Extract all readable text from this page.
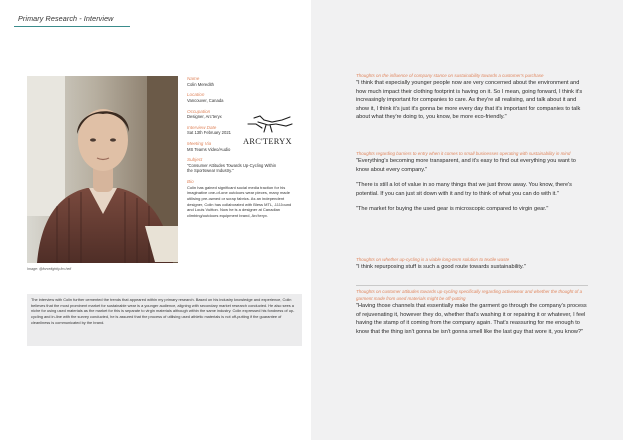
Primary Research - Interview
Image: @forcelightly.fm.heli
Name
Colin Meredith
Location
Vancouver, Canada
Occupation
Designer, Arc'teryx
Interview Date
Sat 13th February 2021
Meeting Via
MS Teams Video/Audio
Subject
"Consumer Attitudes Towards Up-Cycling Within the Sportswear Industry."
Bio
Colin has gained significant social media traction for his imaginative one-of-one outdoors wear pieces, many made utilising pre-owned or scrap fabrics. As an independent designer, Colin has collaborated with Bless MTL, JJJJound and Louis Vuitton. Now he is a designer at Canadian climbing/outdoors equipment brand, Arc'teryx.
ARC'TERYX
The interview with Colin further cemented the trends that appeared within my primary research. Based on his industry knowledge and experience, Colin believes that the most prominent market for sustainable wear is a younger audience, aligning with secondary market research conducted. He also sees a niche for using used materials as the market for this is separate to virgin materials although within the same industry. Colin expressed his fondness of up-cycling and in-line with the survey conducted, he is assured that the process of utilising used athletic materials is not off-putting if the guarantee of cleanliness is communicated by the brand.
Thoughts on the influence of company stance on sustainability towards a customer's purchase
"I think that especially younger people now are very concerned about the environment and how much impact their clothing footprint is having on it. So I mean, going forward, I think it's increasingly important for companies to care. As they're all realising, and talk about it and show it, I think it's just it's gonna be more every day that it's important for companies to talk about what they're doing to, you know, be more eco-friendly."
Thoughts regarding barriers to entry when it comes to small businesses operating with sustainability in mind
"Everything's becoming more transparent, and it's easy to find out everything you want to know about every company."
"There is still a lot of value in so many things that we just throw away. You know, there's potential. If you can just sit down with it and try to think of what you can do with it."
"The market for buying the used gear is microscopic compared to virgin gear."
Thoughts on whether up-cycling is a viable long-term solution to textile waste
"I think repurposing stuff is such a good route towards sustainability."
Thoughts on customer attitudes towards up-cycling specifically regarding activewear and whether the thought of a garment made from used materials might be off-putting
"Having those channels that essentially make the garment go through the company's process of rejuvenating it, however they do, whether that's washing it or repairing it or whatever, I feel having the stamp of it coming from the company again. That's reassuring for me enough to know that the thing isn't gonna be isn't gonna smell like the last guy that wore it, you know?"
